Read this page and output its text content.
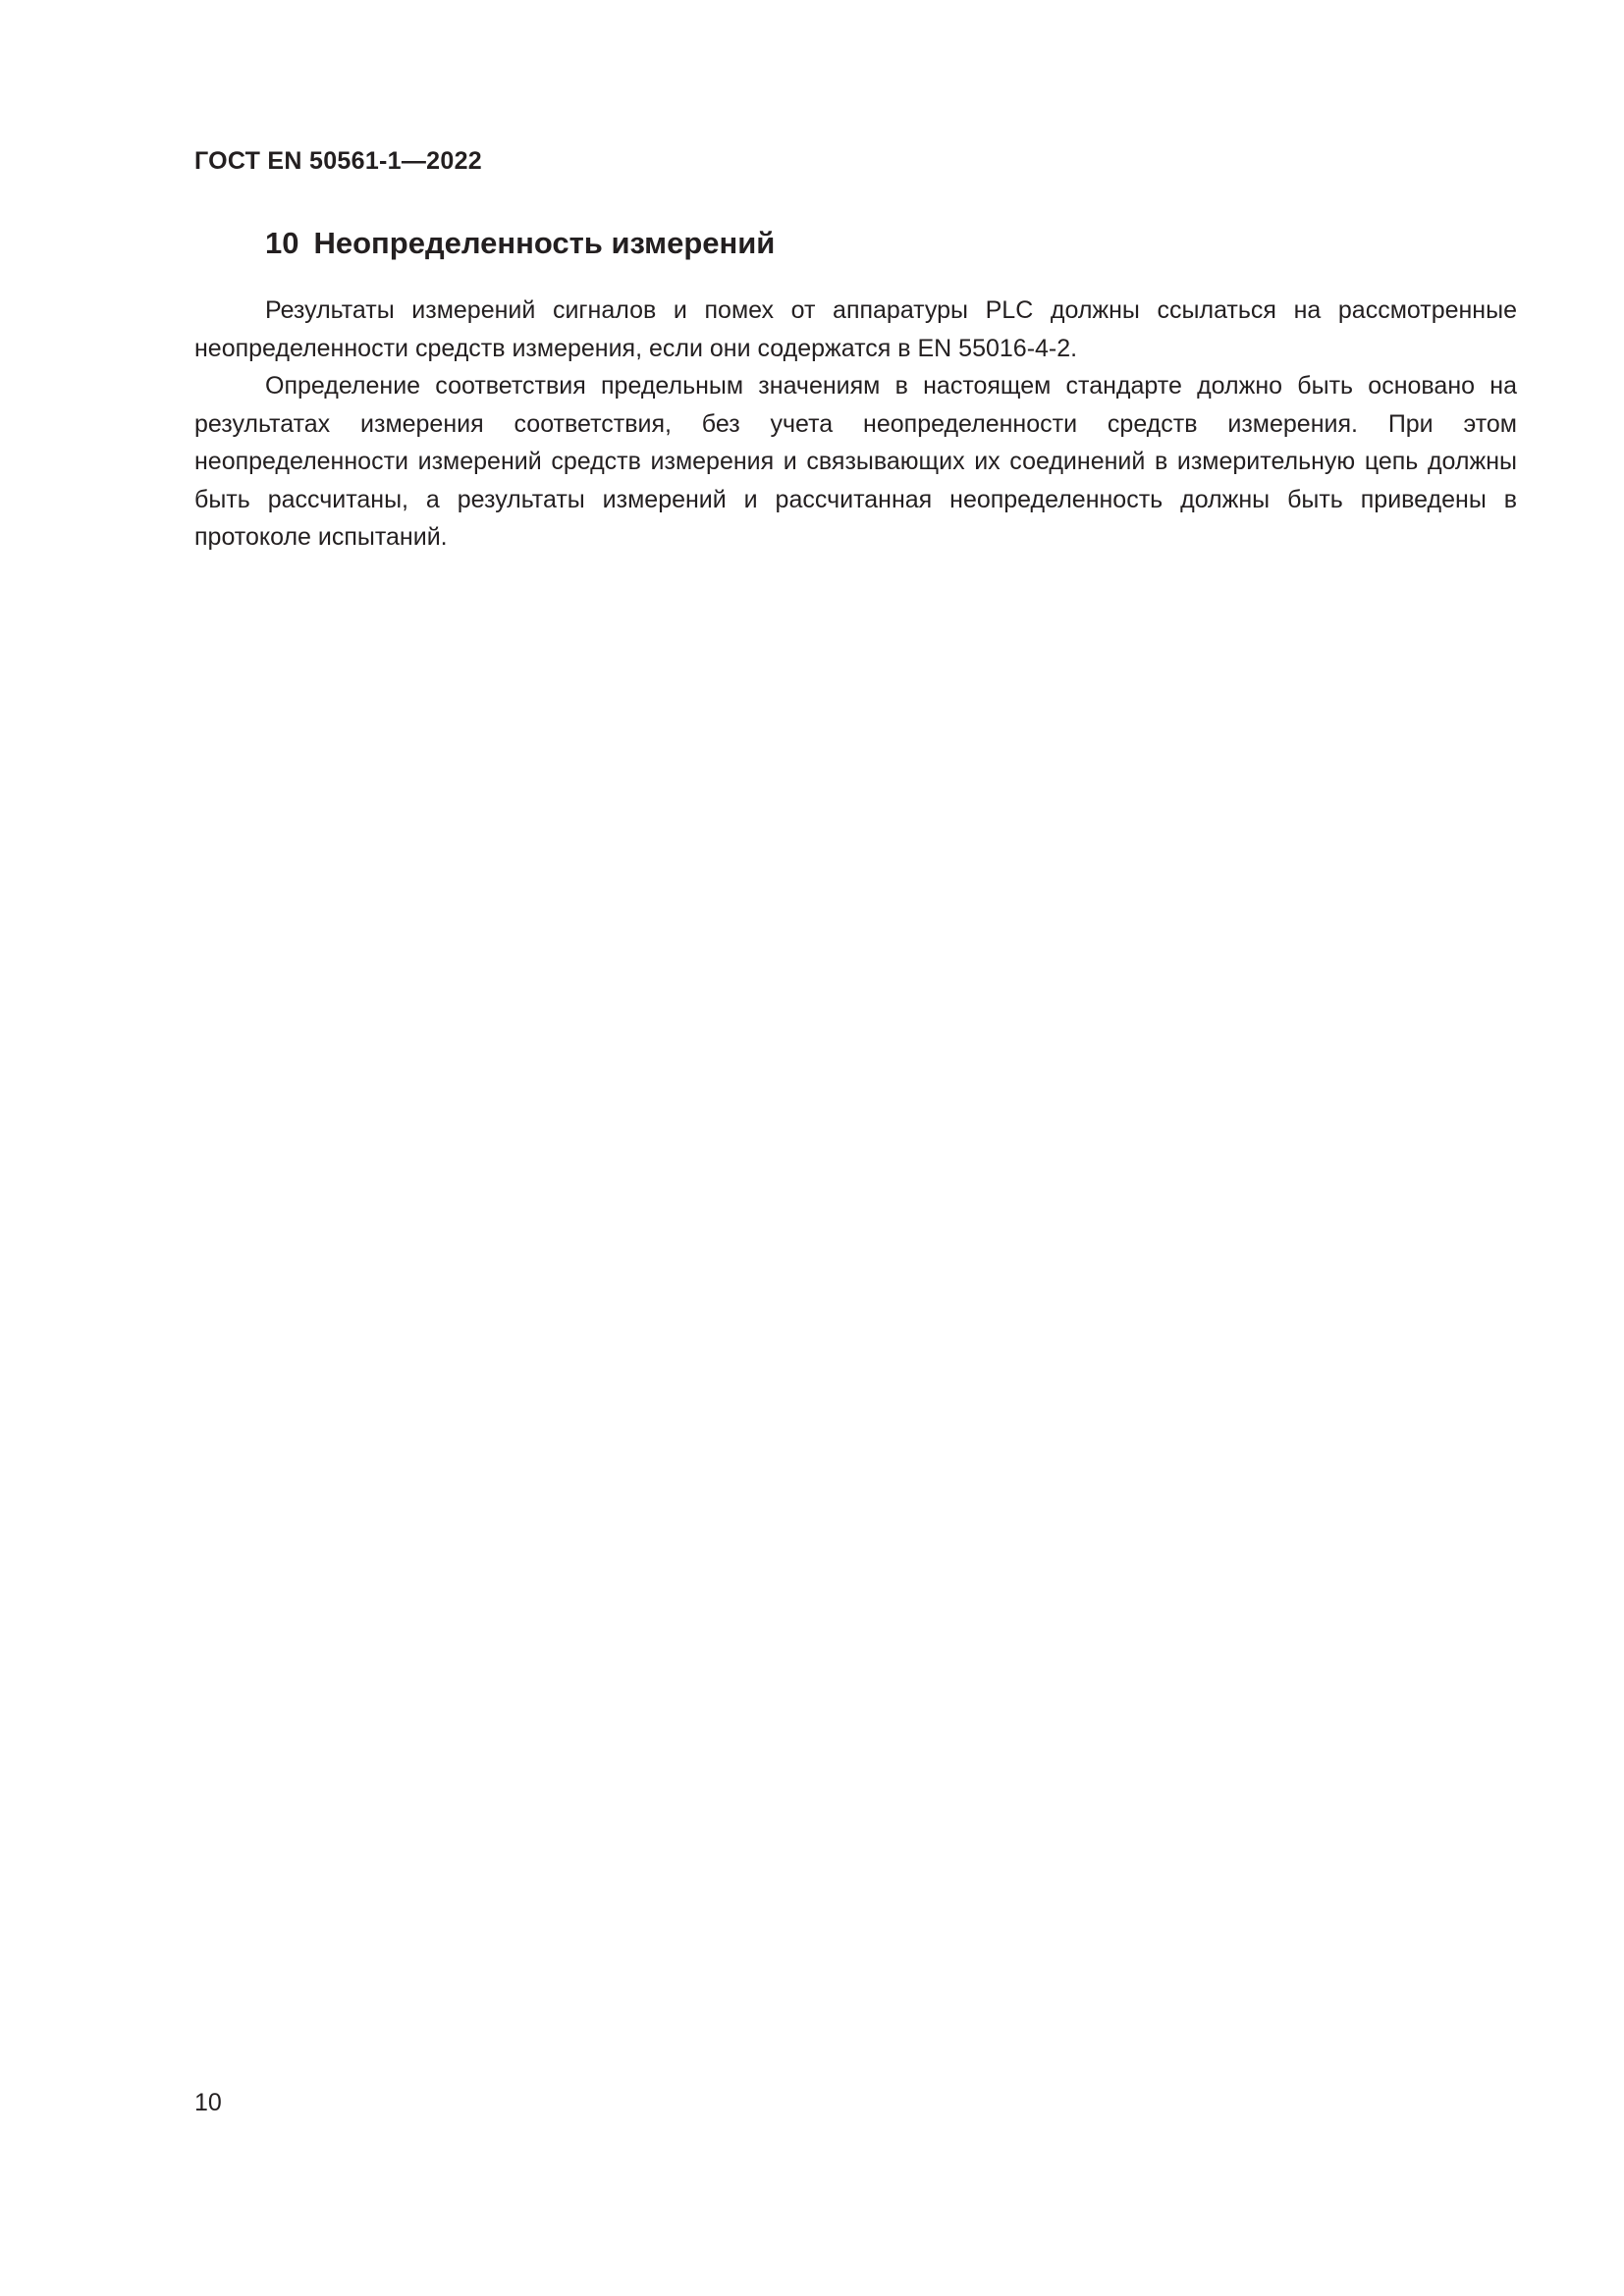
ГОСТ EN 50561-1—2022
10 Неопределенность измерений

Результаты измерений сигналов и помех от аппаратуры PLC должны ссылаться на рассмотренные неопределенности средств измерения, если они содержатся в EN 55016-4-2.

Определение соответствия предельным значениям в настоящем стандарте должно быть основано на результатах измерения соответствия, без учета неопределенности средств измерения. При этом неопределенности измерений средств измерения и связывающих их соединений в измерительную цепь должны быть рассчитаны, а результаты измерений и рассчитанная неопределенность должны быть приведены в протоколе испытаний.

10
